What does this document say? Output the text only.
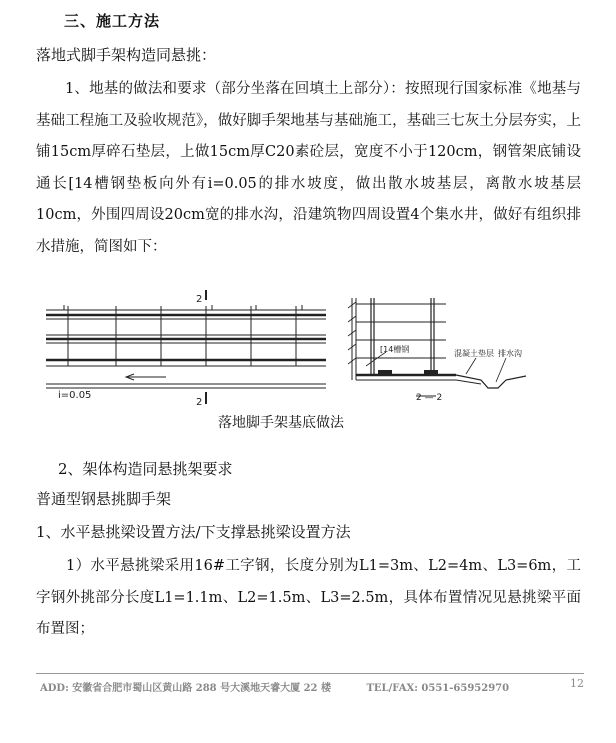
三、施工方法
落地式脚手架构造同悬挑：

1、地基的做法和要求（部分坐落在回填土上部分）：按照现行国家标准《地基与基础工程施工及验收规范》，做好脚手架地基与基础施工，基础三七灰土分层夯实，上铺15cm厚碎石垫层，上做15cm厚C20素砼层，宽度不小于120cm，钢管架底铺设通长[14槽钢垫板向外有i=0.05的排水坡度，做出散水坡基层，离散水坡基层10cm，外围四周设20cm宽的排水沟，沿建筑物四周设置4个集水井，做好有组织排水措施，简图如下：

2
2
i=0.05
[14槽钢	混凝土垫层 排水沟
2 — 2
落地脚手架基底做法
2、架体构造同悬挑架要求
普通型钢悬挑脚手架
1、水平悬挑梁设置方法/下支撑悬挑梁设置方法

1）水平悬挑梁采用16#工字钢，长度分别为L1=3m、L2=4m、L3=6m，工字钢外挑部分长度L1=1.1m、L2=1.5m、L3=2.5m，具体布置情况见悬挑梁平面布置图；

ADD: 安徽省合肥市蜀山区黄山路 288 号大溪地天睿大厦 22 楼	TEL/FAX: 0551-65952970	12
